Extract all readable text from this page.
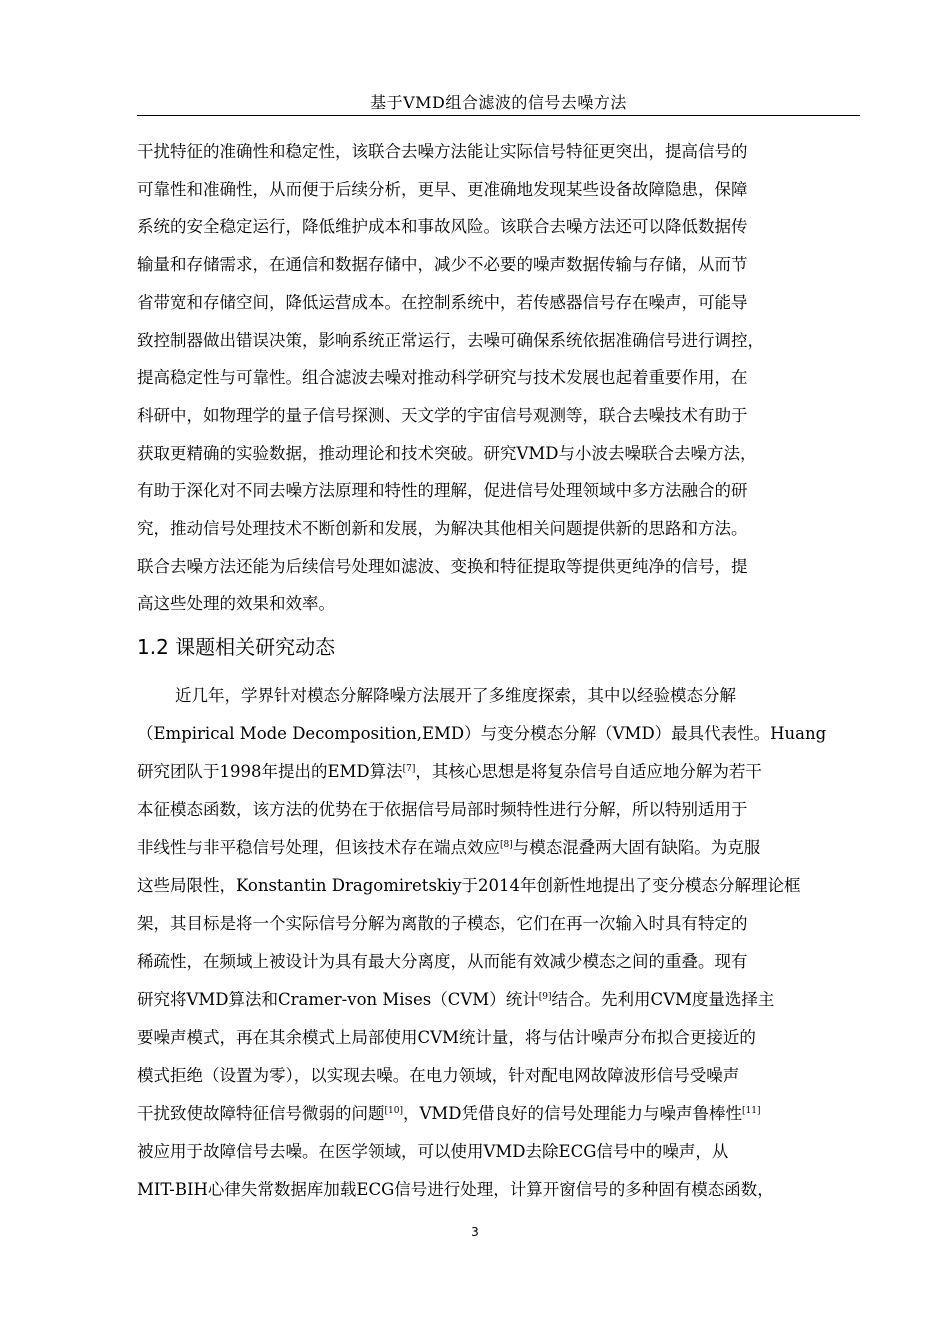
基于VMD组合滤波的信号去噪方法
干扰特征的准确性和稳定性，该联合去噪方法能让实际信号特征更突出，提高信号的
可靠性和准确性，从而便于后续分析，更早、更准确地发现某些设备故障隐患，保障
系统的安全稳定运行，降低维护成本和事故风险。该联合去噪方法还可以降低数据传
输量和存储需求，在通信和数据存储中，减少不必要的噪声数据传输与存储，从而节
省带宽和存储空间，降低运营成本。在控制系统中，若传感器信号存在噪声，可能导
致控制器做出错误决策，影响系统正常运行，去噪可确保系统依据准确信号进行调控，
提高稳定性与可靠性。组合滤波去噪对推动科学研究与技术发展也起着重要作用，在
科研中，如物理学的量子信号探测、天文学的宇宙信号观测等，联合去噪技术有助于
获取更精确的实验数据，推动理论和技术突破。研究VMD与小波去噪联合去噪方法，
有助于深化对不同去噪方法原理和特性的理解，促进信号处理领域中多方法融合的研
究，推动信号处理技术不断创新和发展，为解决其他相关问题提供新的思路和方法。
联合去噪方法还能为后续信号处理如滤波、变换和特征提取等提供更纯净的信号，提
高这些处理的效果和效率。
1.2 课题相关研究动态
近几年，学界针对模态分解降噪方法展开了多维度探索，其中以经验模态分解
（Empirical Mode Decomposition,EMD）与变分模态分解（VMD）最具代表性。Huang
研究团队于1998年提出的EMD算法[7]，其核心思想是将复杂信号自适应地分解为若干
本征模态函数，该方法的优势在于依据信号局部时频特性进行分解，所以特别适用于
非线性与非平稳信号处理，但该技术存在端点效应[8]与模态混叠两大固有缺陷。为克服
这些局限性，Konstantin Dragomiretskiy于2014年创新性地提出了变分模态分解理论框
架，其目标是将一个实际信号分解为离散的子模态，它们在再一次输入时具有特定的
稀疏性，在频域上被设计为具有最大分离度，从而能有效减少模态之间的重叠。现有
研究将VMD算法和Cramer-von Mises（CVM）统计[9]结合。先利用CVM度量选择主
要噪声模式，再在其余模式上局部使用CVM统计量，将与估计噪声分布拟合更接近的
模式拒绝（设置为零），以实现去噪。在电力领域，针对配电网故障波形信号受噪声
干扰致使故障特征信号微弱的问题[10]，VMD凭借良好的信号处理能力与噪声鲁棒性[11]
被应用于故障信号去噪。在医学领域，可以使用VMD去除ECG信号中的噪声，从
MIT-BIH心律失常数据库加载ECG信号进行处理，计算开窗信号的多种固有模态函数，
3
